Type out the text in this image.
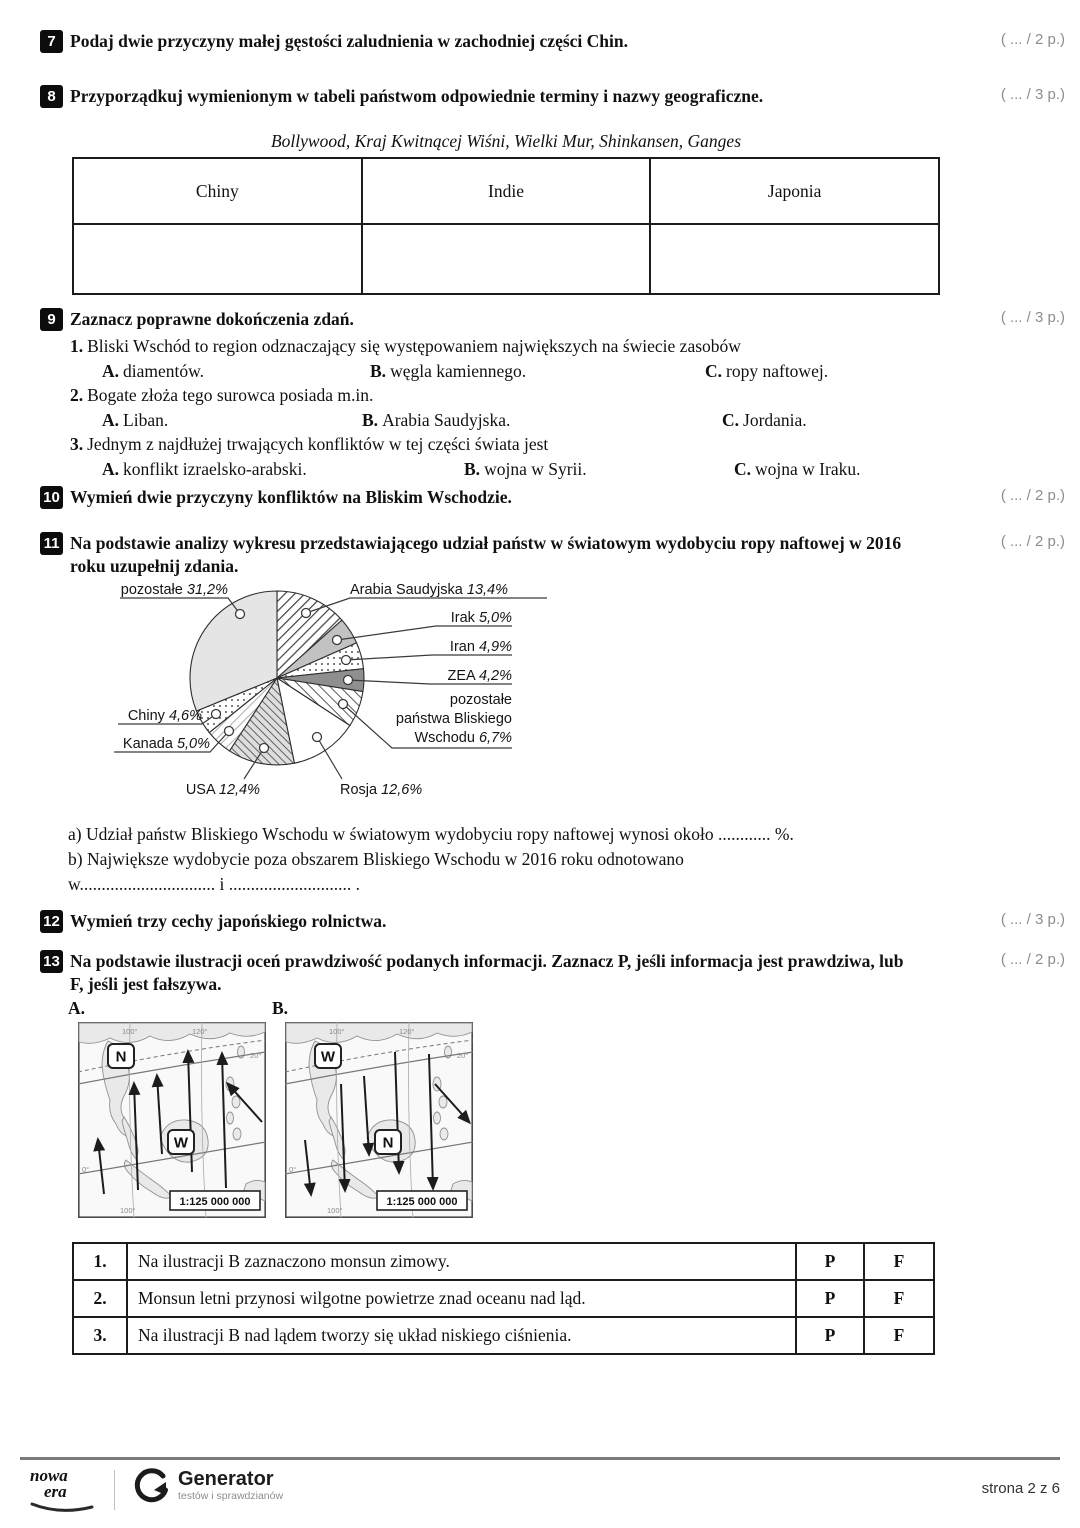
7 Podaj dwie przyczyny małej gęstości zaludnienia w zachodniej części Chin.	( ... / 2 p.)
8 Przyporządkuj wymienionym w tabeli państwom odpowiednie terminy i nazwy geograficzne.	( ... / 3 p.)
Bollywood, Kraj Kwitnącej Wiśni, Wielki Mur, Shinkansen, Ganges
Chiny	Indie	Japonia

9 Zaznacz poprawne dokończenia zdań.	( ... / 3 p.)
1. Bliski Wschód to region odznaczający się występowaniem największych na świecie zasobów
A. diamentów.	B. węgla kamiennego.	C. ropy naftowej.
2. Bogate złoża tego surowca posiada m.in.
A. Liban.	B. Arabia Saudyjska.	C. Jordania.
3. Jednym z najdłużej trwających konfliktów w tej części świata jest
A. konflikt izraelsko-arabski.	B. wojna w Syrii.	C. wojna w Iraku.
10 Wymień dwie przyczyny konfliktów na Bliskim Wschodzie.	( ... / 2 p.)
11 Na podstawie analizy wykresu przedstawiającego udział państw w światowym wydobyciu ropy naftowej w 2016 roku uzupełnij zdania.
( ... / 2 p.)
Arabia Saudyjska 13,4%
Irak 5,0%
Iran 4,9%
ZEA 4,2%
pozostałe
państwa Bliskiego
Wschodu 6,7%
Rosja 12,6%
USA 12,4%
Kanada 5,0%
Chiny 4,6%
pozostałe 31,2%
a) Udział państw Bliskiego Wschodu w światowym wydobyciu ropy naftowej wynosi około ............ %.
b) Największe wydobycie poza obszarem Bliskiego Wschodu w 2016 roku odnotowano
w............................... i ............................ .
12 Wymień trzy cechy japońskiego rolnictwa.	( ... / 3 p.)
13 Na podstawie ilustracji oceń prawdziwość podanych informacji. Zaznacz P, jeśli informacja jest prawdziwa, lub F, jeśli jest fałszywa.
( ... / 2 p.)
A.	B.
100°	120°
20°
0°
100°
N
W
1:125 000 000
100°	120°
20°
0°
100°
W
N
1:125 000 000
1.	Na ilustracji B zaznaczono monsun zimowy.	P	F
2.	Monsun letni przynosi wilgotne powietrze znad oceanu nad ląd.	P	F
3.	Na ilustracji B nad lądem tworzy się układ niskiego ciśnienia.	P	F
nowa
era
Generator
testów i sprawdzianów	strona 2 z 6
